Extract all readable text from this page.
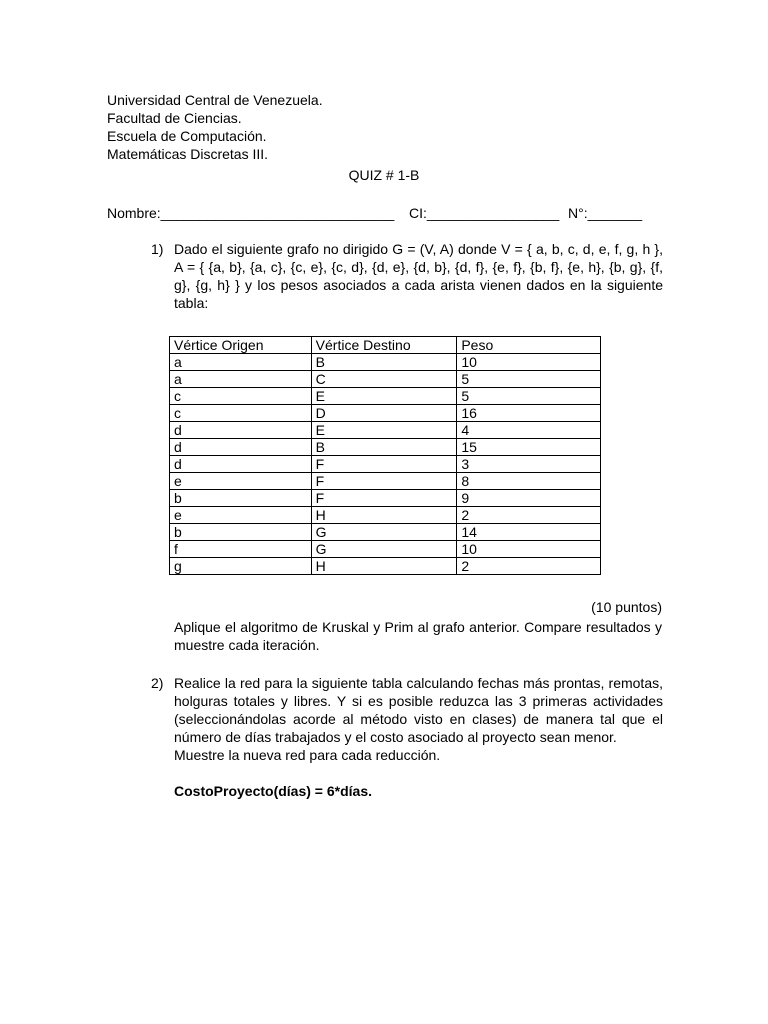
Universidad Central de Venezuela.
Facultad de Ciencias.
Escuela de Computación.
Matemáticas Discretas III.
QUIZ # 1-B
Nombre:______________________________ CI:_________________ N°:_______
1) Dado el siguiente grafo no dirigido G = (V, A) donde V = { a, b, c, d, e, f, g, h }, A = { {a, b}, {a, c}, {c, e}, {c, d}, {d, e}, {d, b}, {d, f}, {e, f}, {b, f}, {e, h}, {b, g}, {f, g}, {g, h} } y los pesos asociados a cada arista vienen dados en la siguiente tabla:
Vértice Origen	Vértice Destino	Peso
a	B	10
a	C	5
c	E	5
c	D	16
d	E	4
d	B	15
d	F	3
e	F	8
b	F	9
e	H	2
b	G	14
f	G	10
g	H	2
(10 puntos)
Aplique el algoritmo de Kruskal y Prim al grafo anterior. Compare resultados y muestre cada iteración.
2) Realice la red para la siguiente tabla calculando fechas más prontas, remotas, holguras totales y libres. Y si es posible reduzca las 3 primeras actividades (seleccionándolas acorde al método visto en clases) de manera tal que el número de días trabajados y el costo asociado al proyecto sean menor.
Muestre la nueva red para cada reducción.
CostoProyecto(días) = 6*días.
